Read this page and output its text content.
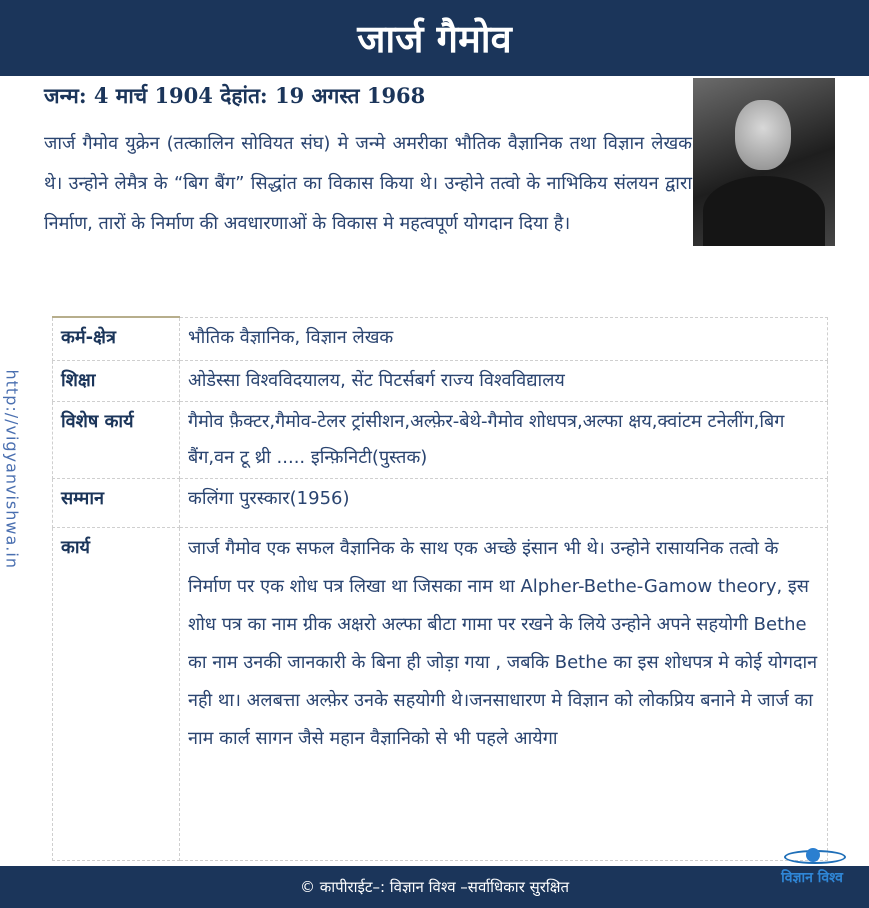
जार्ज गैमोव
जन्म: 4 मार्च 1904 देहांत: 19 अगस्त 1968
जार्ज गैमोव युक्रेन (तत्कालिन सोवियत संघ) मे जन्मे अमरीका भौतिक वैज्ञानिक तथा विज्ञान लेखक थे। उन्होने लेमैत्र के “बिग बैंग” सिद्धांत का विकास किया थे। उन्होने तत्वो के नाभिकिय संलयन द्वारा निर्माण, तारों के निर्माण की अवधारणाओं के विकास मे महत्वपूर्ण योगदान दिया है।
http://vigyanvishwa.in
कर्म-क्षेत्र	भौतिक वैज्ञानिक, विज्ञान लेखक
शिक्षा	ओडेस्सा विश्वविदयालय, सेंट पिटर्सबर्ग राज्य विश्वविद्यालय
विशेष कार्य	गैमोव फ़ैक्टर,गैमोव-टेलर ट्रांसीशन,अल्फ़ेर-बेथे-गैमोव शोधपत्र,अल्फा क्षय,क्वांटम टनेलींग,बिग बैंग,वन टू थ्री ..... इन्फ़िनिटी(पुस्तक)
सम्मान	कलिंगा पुरस्कार(1956)
कार्य	जार्ज गैमोव एक सफल वैज्ञानिक के साथ एक अच्छे इंसान भी थे। उन्होने रासायनिक तत्वो के निर्माण पर एक शोध पत्र लिखा था जिसका नाम था Alpher-Bethe-Gamow theory, इस शोध पत्र का नाम ग्रीक अक्षरो अल्फा बीटा गामा पर रखने के लिये उन्होने अपने सहयोगी Bethe का नाम उनकी जानकारी के बिना ही जोड़ा गया , जबकि Bethe का इस शोधपत्र मे कोई योगदान नही था। अलबत्ता अल्फ़ेर उनके सहयोगी थे।जनसाधारण मे विज्ञान को लोकप्रिय बनाने मे जार्ज का नाम कार्ल सागन जैसे महान वैज्ञानिको से भी पहले आयेगा
© कापीराईट–: विज्ञान विश्व –सर्वाधिकार सुरक्षित	विज्ञान विश्व
